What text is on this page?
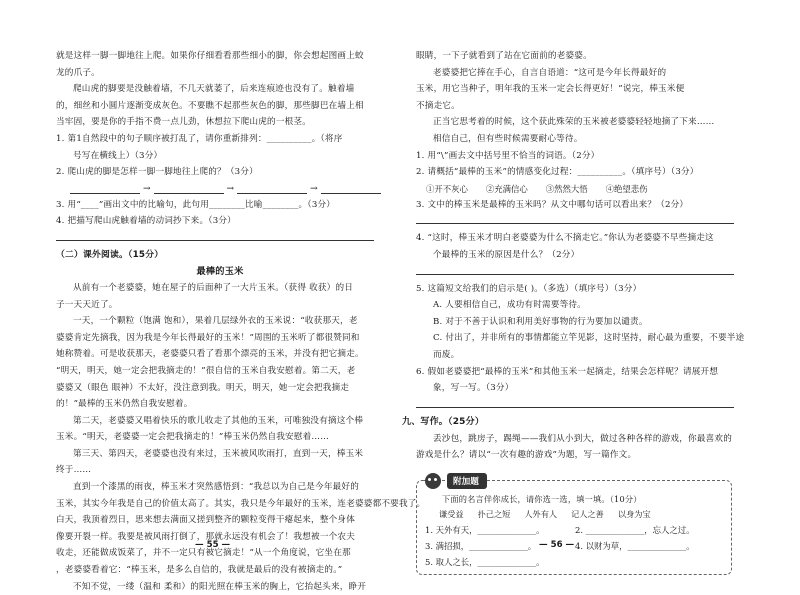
就是这样一脚一脚地往上爬。如果你仔细看看那些细小的脚，你会想起图画上蛟

龙的爪子。

爬山虎的脚要是没触着墙，不几天就萎了，后来连痕迹也没有了。触着墙

的，细丝和小圆片逐渐变成灰色。不要瞧不起那些灰色的脚，那些脚巴在墙上相

当牢固，要是你的手指不费一点儿劲，休想拉下爬山虎的一根茎。

1. 第1自然段中的句子顺序被打乱了，请你重新排列：__________。（将序

号写在横线上）（3分）

2. 爬山虎的脚是怎样一脚一脚地往上爬的？（3分）

→	→	→

3. 用“____”画出文中的比喻句，此句用________比喻________。（3分）

4. 把描写爬山虎触着墙的动词抄下来。（3分）

（二）课外阅读。（15分）

最棒的玉米

从前有一个老婆婆，她在屋子的后面种了一大片玉米。（获得 收获）的日

子一天天近了。

一天，一个颗粒（饱满 饱和），果着几层绿外衣的玉米说：“收获那天，老

婆婆肯定先摘我，因为我是今年长得最好的玉米！”周围的玉米听了都很赞同和

她称赞着。可是收获那天，老婆婆只看了看那个漂亮的玉米，并没有把它摘走。

“明天，明天，她一定会把我摘走的！”很自信的玉米自我安慰着。第二天，老

婆婆又（眼色 眼神）不太好，没注意到我。明天，明天，她一定会把我摘走

的！”最棒的玉米仍然自我安慰着。

第二天，老婆婆又唱着快乐的歌儿收走了其他的玉米，可唯独没有摘这个棒

玉米。“明天，老婆婆一定会把我摘走的！”棒玉米仍然自我安慰着……

第三天、第四天，老婆婆也没有来过，玉米被风吹雨打，直到一天，棒玉米

终于……

直到一个漆黑的雨夜，棒玉米才突然感悟到：“我总以为自己是今年最好的

玉米，其实今年我是自己的价值太高了。其实，我只是今年最好的玉米，连老婆婆都不要我了。

白天，我顶着烈日，思来想去满面又搓到整齐的颗粒变得干瘪起来，整个身体

像要开裂一样。我要是被风雨打倒了，那就永远没有机会了！我想被一个农夫

收走，还能做成饭菜了，并不一定只有被它摘走！”从一个角度说，它坐在那

，老婆婆看着它：“棒玉米，是多么自信的，我就是最后的没有被摘走的。”

不知不觉，一缕（温和 柔和）的阳光照在棒玉米的胸上，它抬起头来，睁开

— 55 —

眼睛，一下子就看到了站在它面前的老婆婆。

老婆婆把它捧在手心，自言自语道：“这可是今年长得最好的

玉米，用它当种子，明年我的玉米一定会长得更好！”说完，棒玉米便

不摘走它。

正当它思考着的时候，这个获此殊荣的玉米被老婆婆轻轻地摘了下来……

相信自己，但有些时候需要耐心等待。

1. 用“\”画去文中括号里不恰当的词语。（2分）

2. 请概括“最棒的玉米”的情感变化过程：__________。（填序号）（3分）

①开不灰心 ②充满信心 ③然然大悟 ④绝望悲伤

3. 文中的棒玉米是最棒的玉米吗？从文中哪句话可以看出来？（2分）

4. “这时，棒玉米才明白老婆婆为什么不摘走它。”你认为老婆婆不早些摘走这

个最棒的玉米的原因是什么？（2分）

5. 这篇短文给我们的启示是( )。（多选）（填序号）（3分）

A. 人要相信自己，成功有时需要等待。

B. 对于不善于认识和利用美好事物的行为要加以谴责。

C. 付出了，并非所有的事情都能立竿见影，这时坚持，耐心最为重要，不要半途

而废。

6. 假如老婆婆把“最棒的玉米”和其他玉米一起摘走，结果会怎样呢？请展开想

象，写一写。（3分）

九、写作。（25分）

丢沙包，跳房子，踢绳——我们从小到大，做过各种各样的游戏，你最喜欢的

游戏是什么？请以“一次有趣的游戏”为题，写一篇作文。

附加题

下面的名言伴你成长，请你选一选，填一填。（10分）

谦受益 扑己之短 人外有人 记人之善 以身为宝
1. 天外有天，______________。	2. ______________，忘人之过。
3. 满招损，______________。	4. 以财为草，______________。
5. 取人之长，______________。
— 56 —
